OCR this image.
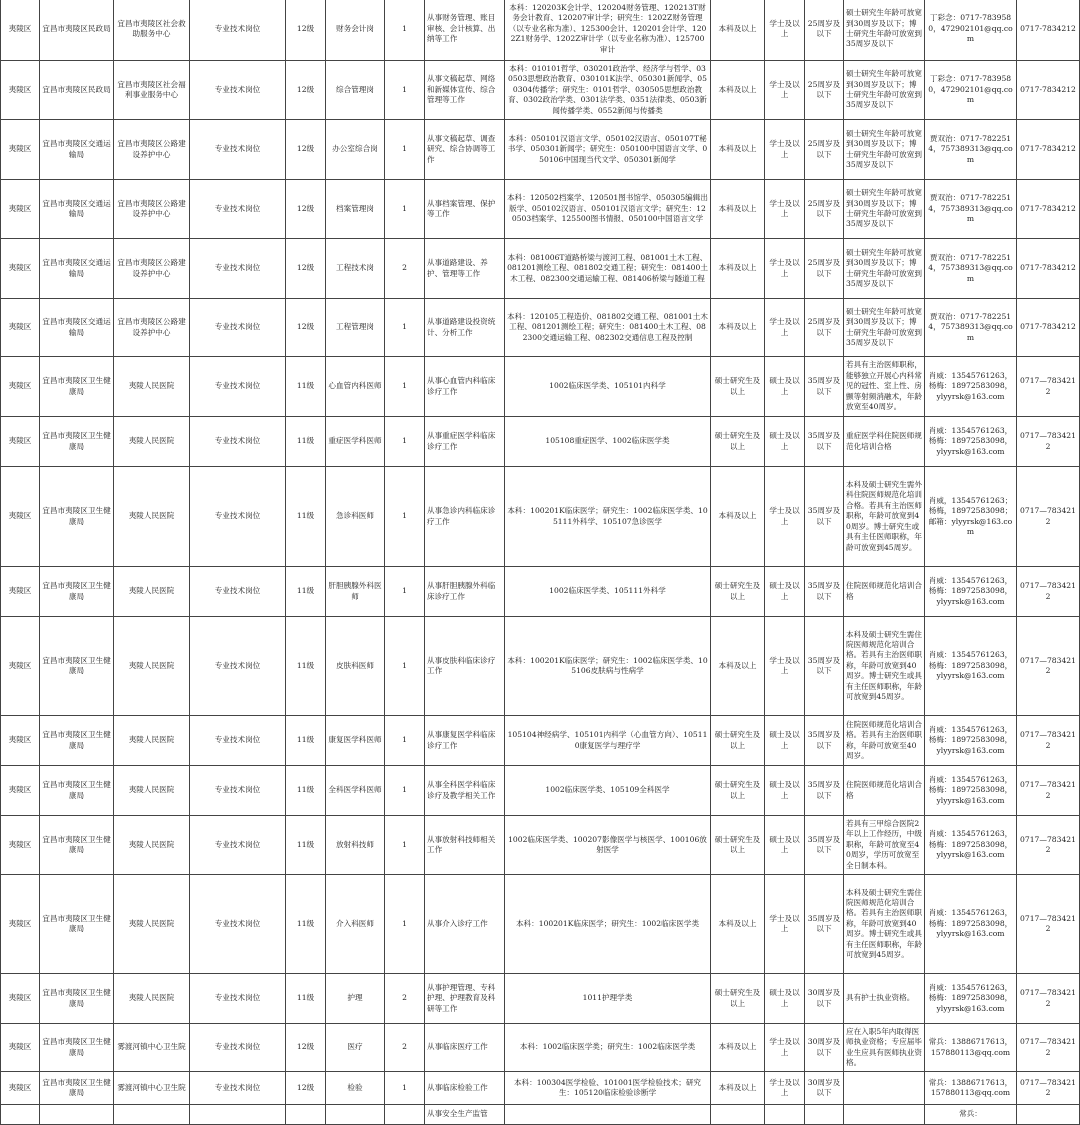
夷陵区	宜昌市夷陵区民政局	宜昌市夷陵区社会救助服务中心	专业技术岗位	12级	财务会计岗	1	从事财务管理、账目审核、会计核算、出纳等工作	本科：120203K会计学、120204财务管理、120213T财务会计教育、120207审计学；研究生：1202Z财务管理（以专业名称为准）、125300会计、120201会计学、1202Z1财务学、1202Z审计学（以专业名称为准）、125700审计	本科及以上	学士及以上	25周岁及以下	硕士研究生年龄可放宽到30周岁及以下；博士研究生年龄可放宽到35周岁及以下	丁彩念：0717-7839580，472902101@qq.com	0717-7834212
夷陵区	宜昌市夷陵区民政局	宜昌市夷陵区社会福利事业服务中心	专业技术岗位	12级	综合管理岗	1	从事文稿起草、网络和新媒体宣传、综合管理等工作	本科：010101哲学、030201政治学、经济学与哲学、030503思想政治教育、030101K法学、050301新闻学、050304传播学；研究生：0101哲学、030505思想政治教育、0302政治学类、0301法学类、0351法律类、0503新闻传播学类、0552新闻与传播类	本科及以上	学士及以上	25周岁及以下	硕士研究生年龄可放宽到30周岁及以下；博士研究生年龄可放宽到35周岁及以下	丁彩念：0717-7839580，472902101@qq.com	0717-7834212
夷陵区	宜昌市夷陵区交通运输局	宜昌市夷陵区公路建设养护中心	专业技术岗位	12级	办公室综合岗	1	从事文稿起草、调查研究、综合协调等工作	本科：050101汉语言文学、050102汉语言、050107T秘书学、050301新闻学；研究生：050100中国语言文学、050106中国现当代文学、050301新闻学	本科及以上	学士及以上	25周岁及以下	硕士研究生年龄可放宽到30周岁及以下；博士研究生年龄可放宽到35周岁及以下	贾双治：0717-7822514，757389313@qq.com	0717-7834212
夷陵区	宜昌市夷陵区交通运输局	宜昌市夷陵区公路建设养护中心	专业技术岗位	12级	档案管理岗	1	从事档案管理、保护等工作	本科：120502档案学、120501图书馆学、050305编辑出版学、050102汉语言、050101汉语言文学；研究生：120503档案学、125500图书情报、050100中国语言文学	本科及以上	学士及以上	25周岁及以下	硕士研究生年龄可放宽到30周岁及以下；博士研究生年龄可放宽到35周岁及以下	贾双治：0717-7822514，757389313@qq.com	0717-7834212
夷陵区	宜昌市夷陵区交通运输局	宜昌市夷陵区公路建设养护中心	专业技术岗位	12级	工程技术岗	2	从事道路建设、养护、管理等工作	本科：081006T道路桥梁与渡河工程、081001土木工程、081201测绘工程、081802交通工程；研究生：081400土木工程、082300交通运输工程、081406桥梁与隧道工程	本科及以上	学士及以上	25周岁及以下	硕士研究生年龄可放宽到30周岁及以下；博士研究生年龄可放宽到35周岁及以下	贾双治：0717-7822514，757389313@qq.com	0717-7834212
夷陵区	宜昌市夷陵区交通运输局	宜昌市夷陵区公路建设养护中心	专业技术岗位	12级	工程管理岗	1	从事道路建设投资统计、分析工作	本科：120105工程造价、081802交通工程、081001土木工程、081201测绘工程；研究生：081400土木工程、082300交通运输工程、082302交通信息工程及控制	本科及以上	学士及以上	25周岁及以下	硕士研究生年龄可放宽到30周岁及以下；博士研究生年龄可放宽到35周岁及以下	贾双治：0717-7822514，757389313@qq.com	0717-7834212
夷陵区	宜昌市夷陵区卫生健康局	夷陵人民医院	专业技术岗位	11级	心血管内科医师	1	从事心血管内科临床诊疗工作	1002临床医学类、105101内科学	硕士研究生及以上	硕士及以上	35周岁及以下	若具有主治医师职称，能够独立开展心内科常见的冠性、室上性、房颤等射频消融术，年龄放宽至40周岁。	肖威：13545761263，杨梅：18972583098，ylyyrsk@163.com	0717—7834212
夷陵区	宜昌市夷陵区卫生健康局	夷陵人民医院	专业技术岗位	11级	重症医学科医师	1	从事重症医学科临床诊疗工作	105108重症医学、1002临床医学类	硕士研究生及以上	硕士及以上	35周岁及以下	重症医学科住院医师规范化培训合格	肖威：13545761263，杨梅：18972583098，ylyyrsk@163.com	0717—7834212
夷陵区	宜昌市夷陵区卫生健康局	夷陵人民医院	专业技术岗位	11级	急诊科医师	1	从事急诊内科临床诊疗工作	本科：100201K临床医学；研究生：1002临床医学类、105111外科学、105107急诊医学	本科及以上	学士及以上	35周岁及以下	本科及硕士研究生需外科住院医师规范化培训合格。若具有主治医师职称，年龄可放宽到40周岁。博士研究生或具有主任医师职称，年龄可放宽到45周岁。	肖威，13545761263；杨梅，18972583098；邮箱：ylyyrsk@163.com	0717—7834212
夷陵区	宜昌市夷陵区卫生健康局	夷陵人民医院	专业技术岗位	11级	肝胆胰腺外科医师	1	从事肝胆胰腺外科临床诊疗工作	1002临床医学类、105111外科学	硕士研究生及以上	硕士及以上	35周岁及以下	住院医师规范化培训合格	肖威：13545761263，杨梅：18972583098，ylyyrsk@163.com	0717—7834212
夷陵区	宜昌市夷陵区卫生健康局	夷陵人民医院	专业技术岗位	11级	皮肤科医师	1	从事皮肤科临床诊疗工作	本科：100201K临床医学；研究生：1002临床医学类、105106皮肤病与性病学	本科及以上	学士及以上	35周岁及以下	本科及硕士研究生需住院医师规范化培训合格。若具有主治医师职称，年龄可放宽到40周岁。博士研究生或具有主任医师职称，年龄可放宽到45周岁。	肖威：13545761263，杨梅：18972583098，ylyyrsk@163.com	0717—7834212
夷陵区	宜昌市夷陵区卫生健康局	夷陵人民医院	专业技术岗位	11级	康复医学科医师	1	从事康复医学科临床诊疗工作	105104神经病学、105101内科学（心血管方向）、105110康复医学与理疗学	硕士研究生及以上	硕士及以上	35周岁及以下	住院医师规范化培训合格。若具有主治医师职称，年龄可放宽至40周岁。	肖威：13545761263，杨梅：18972583098，ylyyrsk@163.com	0717—7834212
夷陵区	宜昌市夷陵区卫生健康局	夷陵人民医院	专业技术岗位	11级	全科医学科医师	1	从事全科医学科临床诊疗及教学相关工作	1002临床医学类、105109全科医学	硕士研究生及以上	硕士及以上	35周岁及以下	住院医师规范化培训合格	肖威：13545761263，杨梅：18972583098，ylyyrsk@163.com	0717—7834212
夷陵区	宜昌市夷陵区卫生健康局	夷陵人民医院	专业技术岗位	11级	放射科技师	1	从事放射科技师相关工作	1002临床医学类、100207影像医学与核医学、100106放射医学	硕士研究生及以上	硕士及以上	35周岁及以下	若具有三甲综合医院2年以上工作经历，中级职称，年龄可放宽至40周岁，学历可放宽至全日制本科。	肖威：13545761263，杨梅：18972583098，ylyyrsk@163.com	0717—7834212
夷陵区	宜昌市夷陵区卫生健康局	夷陵人民医院	专业技术岗位	11级	介入科医师	1	从事介入诊疗工作	本科：100201K临床医学；研究生：1002临床医学类	本科及以上	学士及以上	35周岁及以下	本科及硕士研究生需住院医师规范化培训合格。若具有主治医师职称，年龄可放宽到40周岁。博士研究生或具有主任医师职称，年龄可放宽到45周岁。	肖威：13545761263，杨梅：18972583098，ylyyrsk@163.com	0717—7834212
夷陵区	宜昌市夷陵区卫生健康局	夷陵人民医院	专业技术岗位	11级	护理	2	从事护理管理、专科护理、护理教育及科研等工作	1011护理学类	硕士研究生及以上	硕士及以上	30周岁及以下	具有护士执业资格。	肖威：13545761263，杨梅：18972583098，ylyyrsk@163.com	0717—7834212
夷陵区	宜昌市夷陵区卫生健康局	雾渡河镇中心卫生院	专业技术岗位	12级	医疗	2	从事临床医疗工作	本科：1002临床医学类；研究生：1002临床医学类	本科及以上	学士及以上	30周岁及以下	应在入职5年内取得医师执业资格；专应届毕业生应具有医师执业资格。	常兵：13886717613，157880113@qq.com	0717—7834212
夷陵区	宜昌市夷陵区卫生健康局	雾渡河镇中心卫生院	专业技术岗位	12级	检验	1	从事临床检验工作	本科：100304医学检验、101001医学检验技术；研究生：105120临床检验诊断学	本科及以上	学士及以上	30周岁及以下		常兵：13886717613，157880113@qq.com	0717—7834212
							从事安全生产监管						常兵：	
